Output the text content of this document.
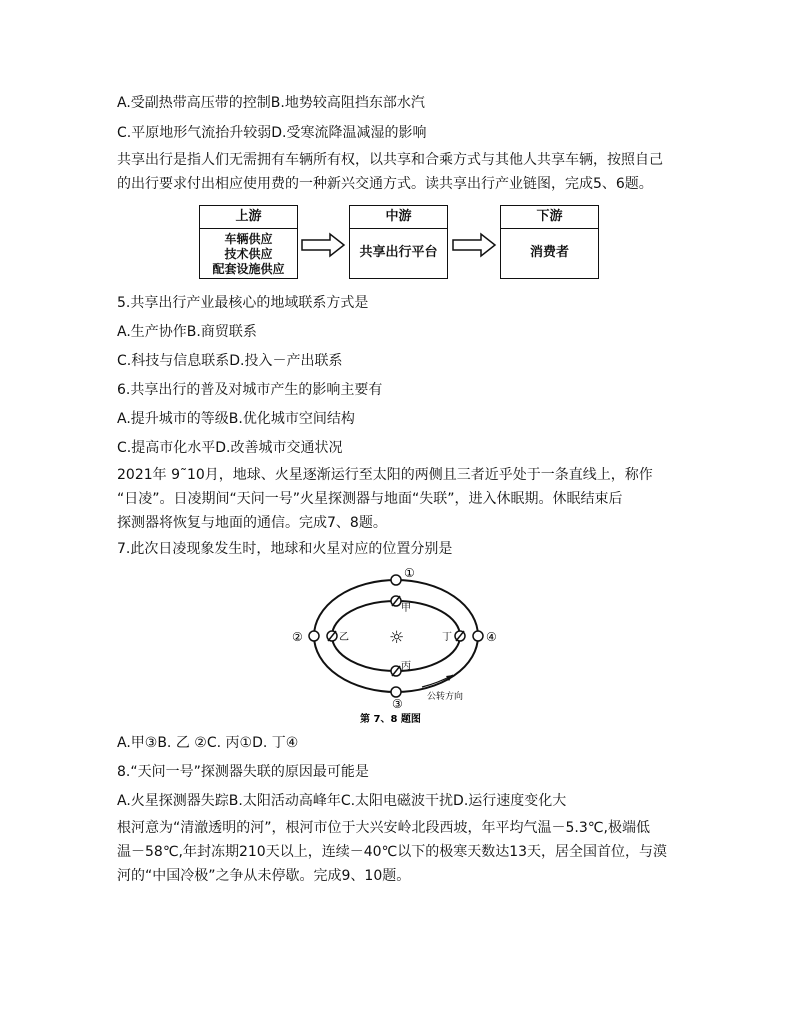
A.受副热带高压带的控制B.地势较高阻挡东部水汽
C.平原地形气流抬升较弱D.受寒流降温减湿的影响
共享出行是指人们无需拥有车辆所有权，以共享和合乘方式与其他人共享车辆，按照自己
的出行要求付出相应使用费的一种新兴交通方式。读共享出行产业链图，完成5、6题。
上游
车辆供应
技术供应
配套设施供应
中游
共享出行平台
下游
消费者
5.共享出行产业最核心的地域联系方式是
A.生产协作B.商贸联系
C.科技与信息联系D.投入－产出联系
6.共享出行的普及对城市产生的影响主要有
A.提升城市的等级B.优化城市空间结构
C.提高市化水平D.改善城市交通状况
2021年 9˜10月，地球、火星逐渐运行至太阳的两侧且三者近乎处于一条直线上，称作
“日凌”。日凌期间“天问一号”火星探测器与地面“失联”，进入休眠期。休眠结束后
探测器将恢复与地面的通信。完成7、8题。
7.此次日凌现象发生时，地球和火星对应的位置分别是
①
②
③
④
甲
乙
丙
丁
☼
公转方向
第 7、8 题图
A.甲③B. 乙 ②C. 丙①D. 丁④
8.“天问一号”探测器失联的原因最可能是
A.火星探测器失踪B.太阳活动高峰年C.太阳电磁波干扰D.运行速度变化大
根河意为“清澈透明的河”，根河市位于大兴安岭北段西坡，年平均气温－5.3℃,极端低
温－58℃,年封冻期210天以上，连续－40℃以下的极寒天数达13天，居全国首位，与漠
河的“中国冷极”之争从未停歇。完成9、10题。
